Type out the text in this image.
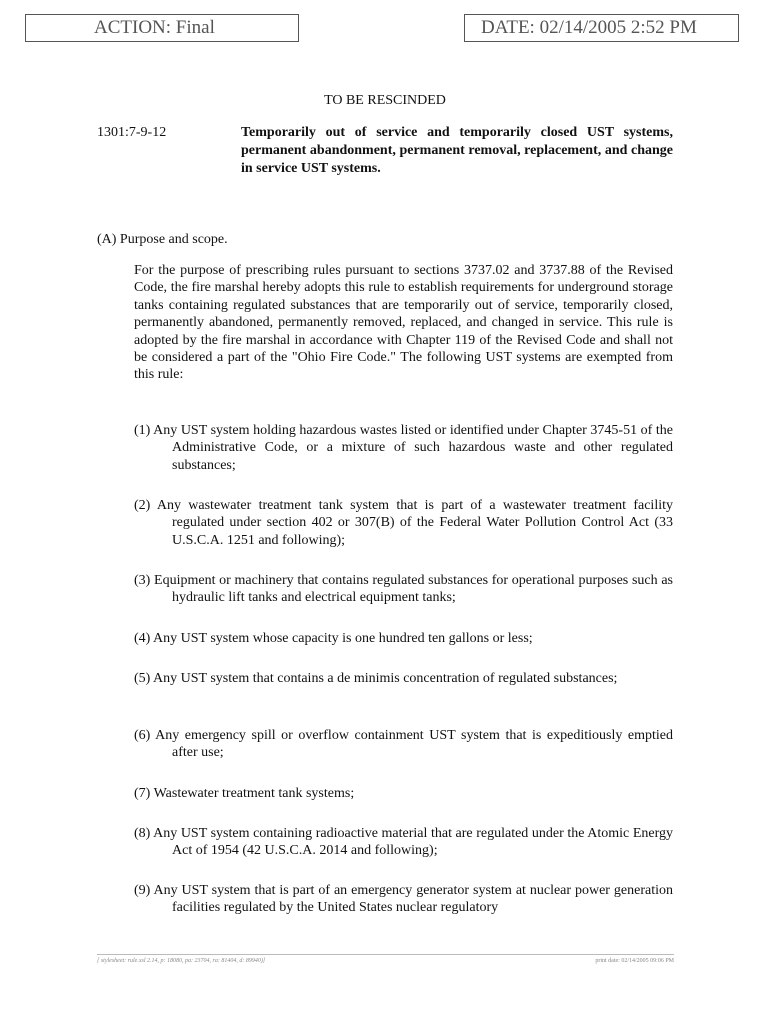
ACTION: Final	DATE: 02/14/2005 2:52 PM
TO BE RESCINDED
1301:7-9-12	Temporarily out of service and temporarily closed UST systems, permanent abandonment, permanent removal, replacement, and change in service UST systems.
(A) Purpose and scope.
For the purpose of prescribing rules pursuant to sections 3737.02 and 3737.88 of the Revised Code, the fire marshal hereby adopts this rule to establish requirements for underground storage tanks containing regulated substances that are temporarily out of service, temporarily closed, permanently abandoned, permanently removed, replaced, and changed in service. This rule is adopted by the fire marshal in accordance with Chapter 119 of the Revised Code and shall not be considered a part of the "Ohio Fire Code." The following UST systems are exempted from this rule:
(1) Any UST system holding hazardous wastes listed or identified under Chapter 3745-51 of the Administrative Code, or a mixture of such hazardous waste and other regulated substances;
(2) Any wastewater treatment tank system that is part of a wastewater treatment facility regulated under section 402 or 307(B) of the Federal Water Pollution Control Act (33 U.S.C.A. 1251 and following);
(3) Equipment or machinery that contains regulated substances for operational purposes such as hydraulic lift tanks and electrical equipment tanks;
(4) Any UST system whose capacity is one hundred ten gallons or less;
(5) Any UST system that contains a de minimis concentration of regulated substances;
(6) Any emergency spill or overflow containment UST system that is expeditiously emptied after use;
(7) Wastewater treatment tank systems;
(8) Any UST system containing radioactive material that are regulated under the Atomic Energy Act of 1954 (42 U.S.C.A. 2014 and following);
(9) Any UST system that is part of an emergency generator system at nuclear power generation facilities regulated by the United States nuclear regulatory
[ stylesheet: rule.xsl 2.14, p: 18080, pa: 23704, ra: 81404, d: 89940)]	print date: 02/14/2005 09:06 PM
